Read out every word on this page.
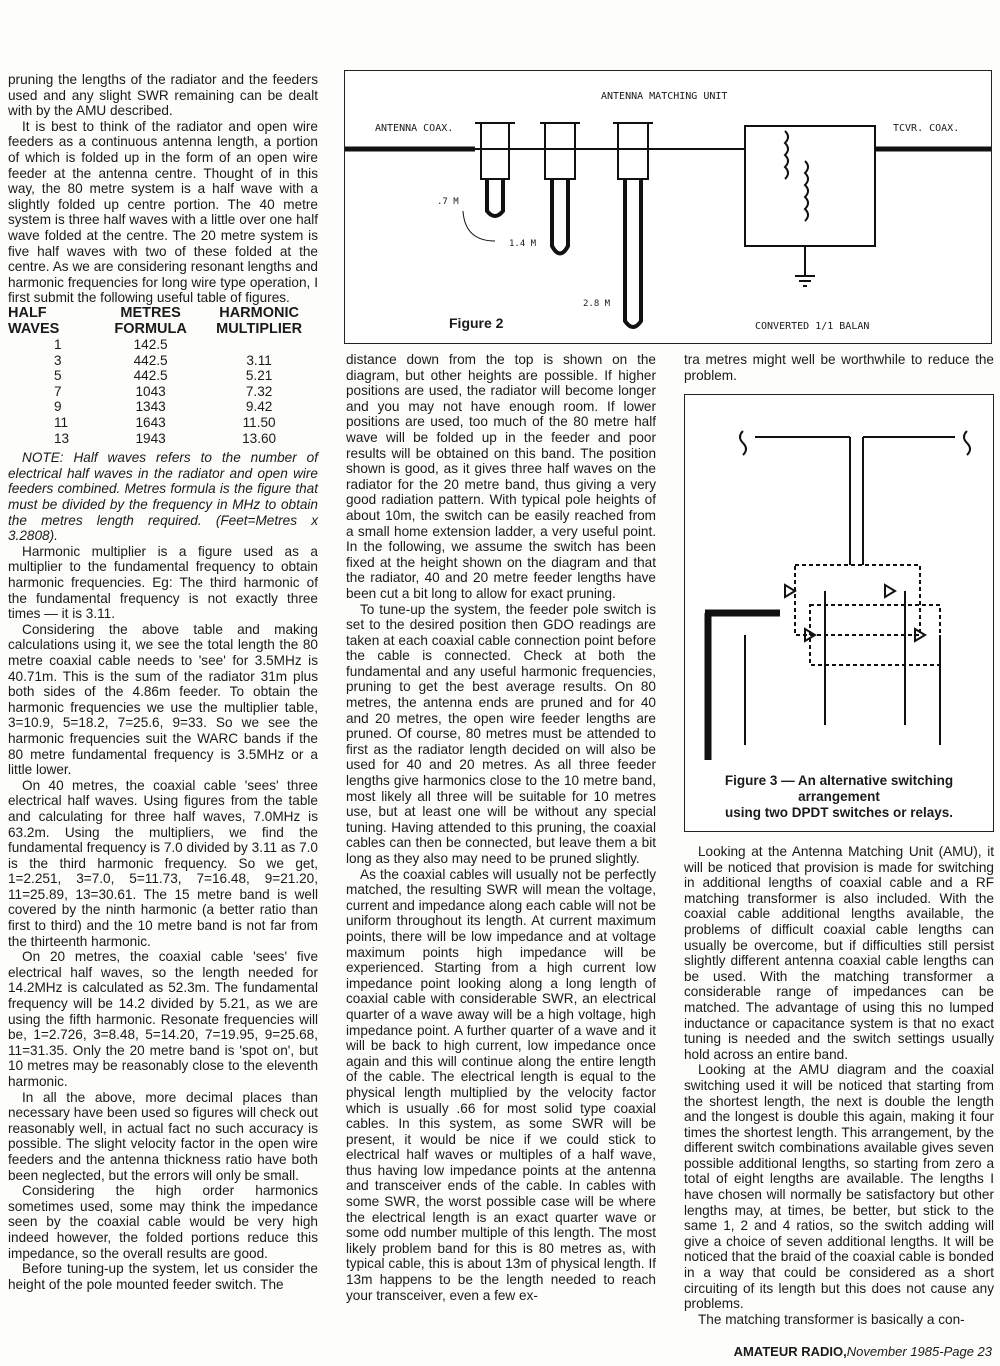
pruning the lengths of the radiator and the feeders used and any slight SWR remaining can be dealt with by the AMU described.

It is best to think of the radiator and open wire feeders as a continuous antenna length, a portion of which is folded up in the form of an open wire feeder at the antenna centre. Thought of in this way, the 80 metre system is a half wave with a slightly folded up centre portion. The 40 metre system is three half waves with a little over one half wave folded at the centre. The 20 metre system is five half waves with two of these folded at the centre. As we are considering resonant lengths and harmonic frequencies for long wire type operation, I first submit the following useful table of figures.

HALF WAVES	METRES FORMULA	HARMONIC MULTIPLIER
1	142.5	
3	442.5	3.11
5	442.5	5.21
7	1043	7.32
9	1343	9.42
11	1643	11.50
13	1943	13.60

NOTE: Half waves refers to the number of electrical half waves in the radiator and open wire feeders combined. Metres formula is the figure that must be divided by the frequency in MHz to obtain the metres length required. (Feet=Metres x 3.2808).

Harmonic multiplier is a figure used as a multiplier to the fundamental frequency to obtain harmonic frequencies. Eg: The third harmonic of the fundamental frequency is not exactly three times — it is 3.11.

Considering the above table and making calculations using it, we see the total length the 80 metre coaxial cable needs to 'see' for 3.5MHz is 40.71m. This is the sum of the radiator 31m plus both sides of the 4.86m feeder. To obtain the harmonic frequencies we use the multiplier table, 3=10.9, 5=18.2, 7=25.6, 9=33. So we see the harmonic frequencies suit the WARC bands if the 80 metre fundamental frequency is 3.5MHz or a little lower.

On 40 metres, the coaxial cable 'sees' three electrical half waves. Using figures from the table and calculating for three half waves, 7.0MHz is 63.2m. Using the multipliers, we find the fundamental frequency is 7.0 divided by 3.11 as 7.0 is the third harmonic frequency. So we get, 1=2.251, 3=7.0, 5=11.73, 7=16.48, 9=21.20, 11=25.89, 13=30.61. The 15 metre band is well covered by the ninth harmonic (a better ratio than first to third) and the 10 metre band is not far from the thirteenth harmonic.

On 20 metres, the coaxial cable 'sees' five electrical half waves, so the length needed for 14.2MHz is calculated as 52.3m. The fundamental frequency will be 14.2 divided by 5.21, as we are using the fifth harmonic. Resonate frequencies will be, 1=2.726, 3=8.48, 5=14.20, 7=19.95, 9=25.68, 11=31.35. Only the 20 metre band is 'spot on', but 10 metres may be reasonably close to the eleventh harmonic.

In all the above, more decimal places than necessary have been used so figures will check out reasonably well, in actual fact no such accuracy is possible. The slight velocity factor in the open wire feeders and the antenna thickness ratio have both been neglected, but the errors will only be small.

Considering the high order harmonics sometimes used, some may think the impedance seen by the coaxial cable would be very high indeed however, the folded portions reduce this impedance, so the overall results are good.

Before tuning-up the system, let us consider the height of the pole mounted feeder switch. The

ANTENNA MATCHING UNIT
ANTENNA COAX.	TCVR. COAX.
.7 M
1.4 M
2.8 M
Figure 2	CONVERTED 1/1 BALAN

distance down from the top is shown on the diagram, but other heights are possible. If higher positions are used, the radiator will become longer and you may not have enough room. If lower positions are used, too much of the 80 metre half wave will be folded up in the feeder and poor results will be obtained on this band. The position shown is good, as it gives three half waves on the radiator for the 20 metre band, thus giving a very good radiation pattern. With typical pole heights of about 10m, the switch can be easily reached from a small home extension ladder, a very useful point. In the following, we assume the switch has been fixed at the height shown on the diagram and that the radiator, 40 and 20 metre feeder lengths have been cut a bit long to allow for exact pruning.

To tune-up the system, the feeder pole switch is set to the desired position then GDO readings are taken at each coaxial cable connection point before the cable is connected. Check at both the fundamental and any useful harmonic frequencies, pruning to get the best average results. On 80 metres, the antenna ends are pruned and for 40 and 20 metres, the open wire feeder lengths are pruned. Of course, 80 metres must be attended to first as the radiator length decided on will also be used for 40 and 20 metres. As all three feeder lengths give harmonics close to the 10 metre band, most likely all three will be suitable for 10 metres use, but at least one will be without any special tuning. Having attended to this pruning, the coaxial cables can then be connected, but leave them a bit long as they also may need to be pruned slightly.

As the coaxial cables will usually not be perfectly matched, the resulting SWR will mean the voltage, current and impedance along each cable will not be uniform throughout its length. At current maximum points, there will be low impedance and at voltage maximum points high impedance will be experienced. Starting from a high current low impedance point looking along a long length of coaxial cable with considerable SWR, an electrical quarter of a wave away will be a high voltage, high impedance point. A further quarter of a wave and it will be back to high current, low impedance once again and this will continue along the entire length of the cable. The electrical length is equal to the physical length multiplied by the velocity factor which is usually .66 for most solid type coaxial cables. In this system, as some SWR will be present, it would be nice if we could stick to electrical half waves or multiples of a half wave, thus having low impedance points at the antenna and transceiver ends of the cable. In cables with some SWR, the worst possible case will be where the electrical length is an exact quarter wave or some odd number multiple of this length. The most likely problem band for this is 80 metres as, with typical cable, this is about 13m of physical length. If 13m happens to be the length needed to reach your transceiver, even a few ex-

tra metres might well be worthwhile to reduce the problem.

Figure 3 — An alternative switching arrangement
using two DPDT switches or relays.

Looking at the Antenna Matching Unit (AMU), it will be noticed that provision is made for switching in additional lengths of coaxial cable and a RF matching transformer is also included. With the coaxial cable additional lengths available, the problems of difficult coaxial cable lengths can usually be overcome, but if difficulties still persist slightly different antenna coaxial cable lengths can be used. With the matching transformer a considerable range of impedances can be matched. The advantage of using this no lumped inductance or capacitance system is that no exact tuning is needed and the switch settings usually hold across an entire band.

Looking at the AMU diagram and the coaxial switching used it will be noticed that starting from the shortest length, the next is double the length and the longest is double this again, making it four times the shortest length. This arrangement, by the different switch combinations available gives seven possible additional lengths, so starting from zero a total of eight lengths are available. The lengths I have chosen will normally be satisfactory but other lengths may, at times, be better, but stick to the same 1, 2 and 4 ratios, so the switch adding will give a choice of seven additional lengths. It will be noticed that the braid of the coaxial cable is bonded in a way that could be considered as a short circuiting of its length but this does not cause any problems.

The matching transformer is basically a con-

AMATEUR RADIO,November 1985-Page 23
